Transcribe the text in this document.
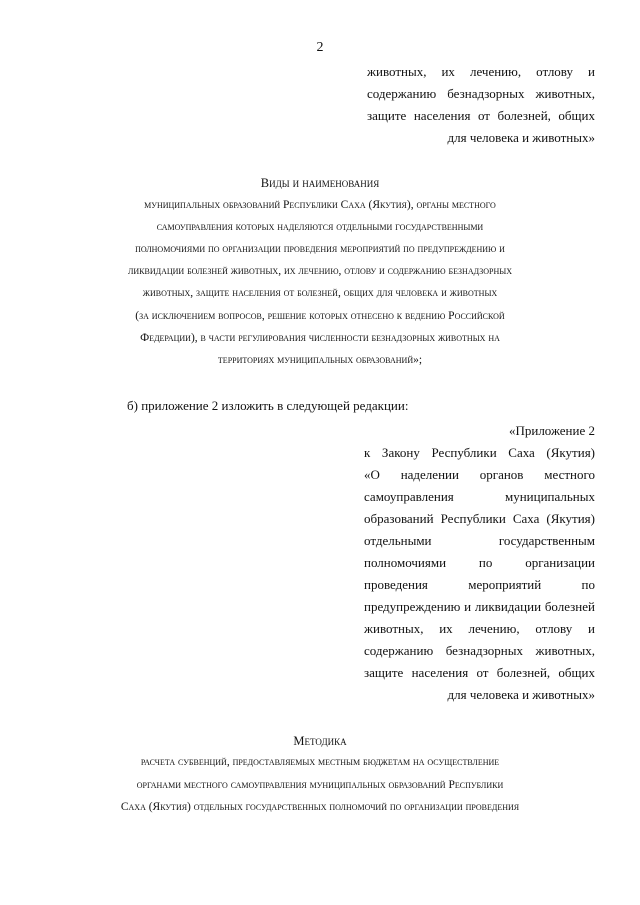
2
животных, их лечению, отлову и
содержанию безнадзорных животных,
защите населения от болезней, общих
для человека и животных»
Виды и наименования
муниципальных образований Республики Саха (Якутия), органы местного
самоуправления которых наделяются отдельными государственными
полномочиями по организации проведения мероприятий по предупреждению и
ликвидации болезней животных, их лечению, отлову и содержанию безнадзорных
животных, защите населения от болезней, общих для человека и животных
(за исключением вопросов, решение которых отнесено к ведению Российской
Федерации), в части регулирования численности безнадзорных животных на
территориях муниципальных образований»;
б) приложение 2 изложить в следующей редакции:
«Приложение 2
к Закону Республики Саха (Якутия)
«О наделении органов местного
самоуправления муниципальных
образований Республики Саха (Якутия)
отдельными государственным
полномочиями по организации
проведения мероприятий по
предупреждению и ликвидации болезней
животных, их лечению, отлову и
содержанию безнадзорных животных,
защите населения от болезней, общих
для человека и животных»
Методика
расчета субвенций, предоставляемых местным бюджетам на осуществление
органами местного самоуправления муниципальных образований Республики
Саха (Якутия) отдельных государственных полномочий по организации проведения
